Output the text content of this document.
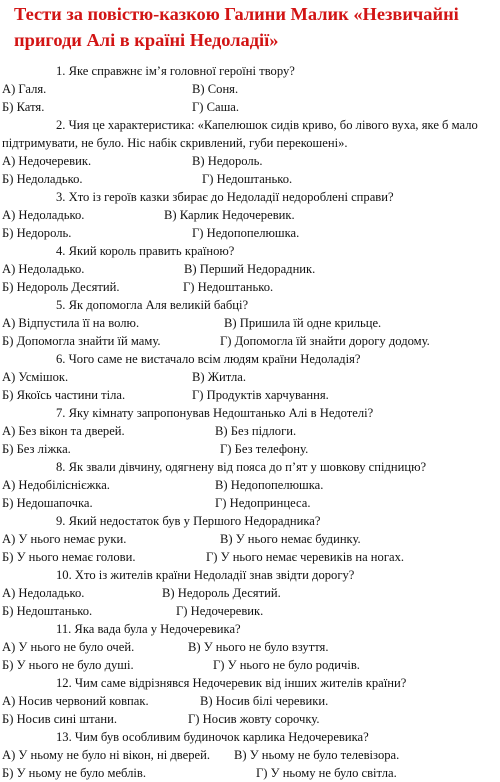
Тести за повістю-казкою Галини Малик «Незвичайні
пригоди Алі в країні Недоладії»
1. Яке справжнє ім’я головної героїні твору?
А) Галя.	В) Соня.
Б) Катя.	Г) Саша.
2. Чия це характеристика: «Капелюшок сидів криво, бо лівого вуха, яке б мало
підтримувати, не було. Ніс набік скривлений, губи перекошені».
А) Недочеревик.	В) Недороль.
Б) Недоладько.	Г) Недоштанько.
3. Хто із героїв казки збирає до Недоладії недороблені справи?
А) Недоладько.	В) Карлик Недочеревик.
Б) Недороль.	Г) Недопопелюшка.
4. Який король править країною?
А) Недоладько.	В) Перший Недорадник.
Б) Недороль Десятий.	Г) Недоштанько.
5. Як допомогла Аля великій бабці?
А) Відпустила її на волю.	В) Пришила їй одне крильце.
Б) Допомогла знайти їй маму.	Г) Допомогла їй знайти дорогу додому.
6. Чого саме не вистачало всім людям країни Недоладія?
А) Усмішок.	В) Житла.
Б) Якоїсь частини тіла.	Г) Продуктів харчування.
7. Яку кімнату запропонував Недоштанько Алі в Недотелі?
А) Без вікон та дверей.	В) Без підлоги.
Б) Без ліжка.	Г) Без телефону.
8. Як звали дівчину, одягнену від пояса до п’ят у шовкову спідницю?
А) Недобіліснієжка.	В) Недопопелюшка.
Б) Недошапочка.	Г) Недопринцеса.
9. Який недостаток був у Першого Недорадника?
А) У нього немає руки.	В) У нього немає будинку.
Б) У нього немає голови.	Г) У нього немає черевиків на ногах.
10. Хто із жителів країни Недоладії знав звідти дорогу?
А) Недоладько.	В) Недороль Десятий.
Б) Недоштанько.	Г) Недочеревик.
11. Яка вада була у Недочеревика?
А) У нього не було очей.	В) У нього не було взуття.
Б) У нього не було душі.	Г) У нього не було родичів.
12. Чим саме відрізнявся Недочеревик від інших жителів країни?
А) Носив червоний ковпак.	В) Носив білі черевики.
Б) Носив сині штани.	Г) Носив жовту сорочку.
13. Чим був особливим будиночок карлика Недочеревика?
А) У ньому не було ні вікон, ні дверей. В) У ньому не було телевізора.
Б) У ньому не було меблів.	Г) У ньому не було світла.
